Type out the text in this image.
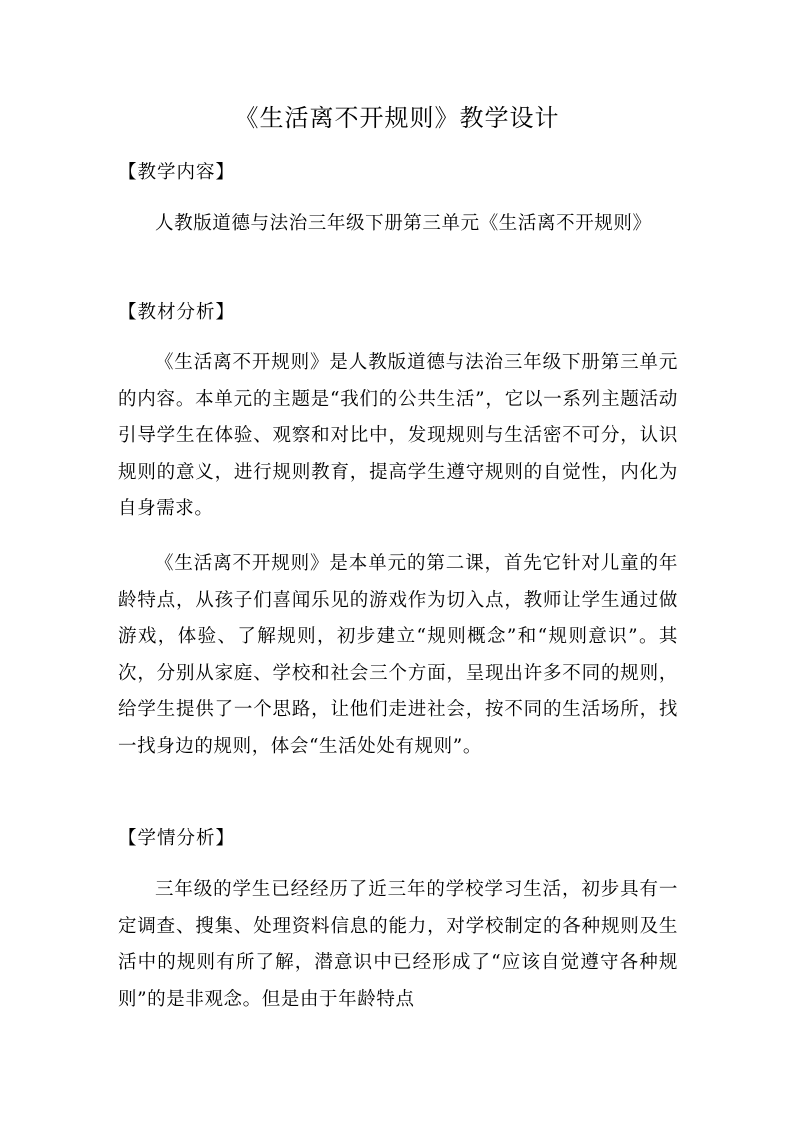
《生活离不开规则》教学设计
【教学内容】
人教版道德与法治三年级下册第三单元《生活离不开规则》
【教材分析】
《生活离不开规则》是人教版道德与法治三年级下册第三单元的内容。本单元的主题是“我们的公共生活”，它以一系列主题活动引导学生在体验、观察和对比中，发现规则与生活密不可分，认识规则的意义，进行规则教育，提高学生遵守规则的自觉性，内化为自身需求。
《生活离不开规则》是本单元的第二课，首先它针对儿童的年龄特点，从孩子们喜闻乐见的游戏作为切入点，教师让学生通过做游戏，体验、了解规则，初步建立“规则概念”和“规则意识”。其次，分别从家庭、学校和社会三个方面，呈现出许多不同的规则，给学生提供了一个思路，让他们走进社会，按不同的生活场所，找一找身边的规则，体会“生活处处有规则”。
【学情分析】
三年级的学生已经经历了近三年的学校学习生活，初步具有一定调查、搜集、处理资料信息的能力，对学校制定的各种规则及生活中的规则有所了解，潜意识中已经形成了“应该自觉遵守各种规则”的是非观念。但是由于年龄特点
